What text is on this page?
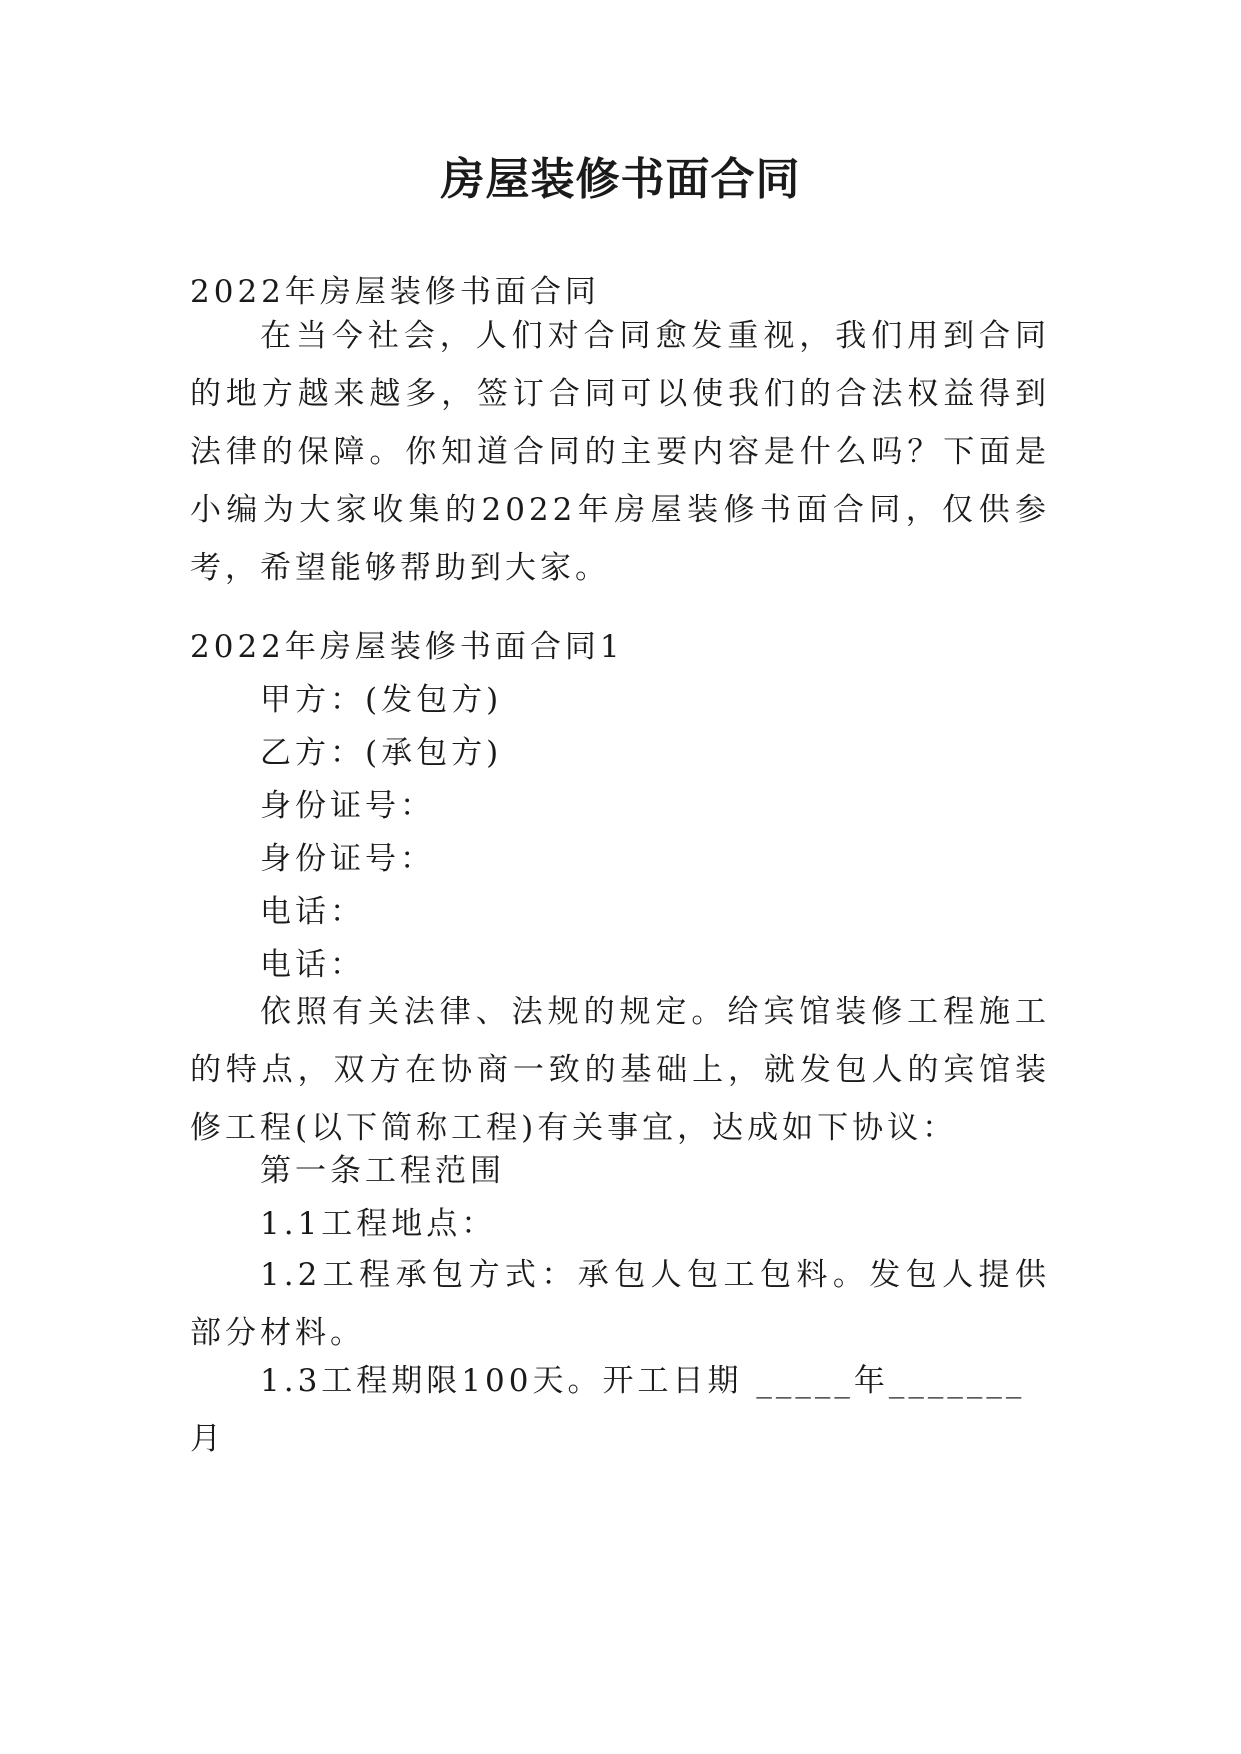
房屋装修书面合同

2022年房屋装修书面合同

在当今社会，人们对合同愈发重视，我们用到合同的地方越来越多，签订合同可以使我们的合法权益得到法律的保障。你知道合同的主要内容是什么吗？下面是小编为大家收集的2022年房屋装修书面合同，仅供参考，希望能够帮助到大家。

2022年房屋装修书面合同1

甲方：(发包方)

乙方：(承包方)

身份证号：

身份证号：

电话：

电话：

依照有关法律、法规的规定。给宾馆装修工程施工的特点，双方在协商一致的基础上，就发包人的宾馆装修工程(以下简称工程)有关事宜，达成如下协议：

第一条工程范围

1.1工程地点：

1.2工程承包方式：承包人包工包料。发包人提供部分材料。

1.3工程期限100天。开工日期 _____年_______月
